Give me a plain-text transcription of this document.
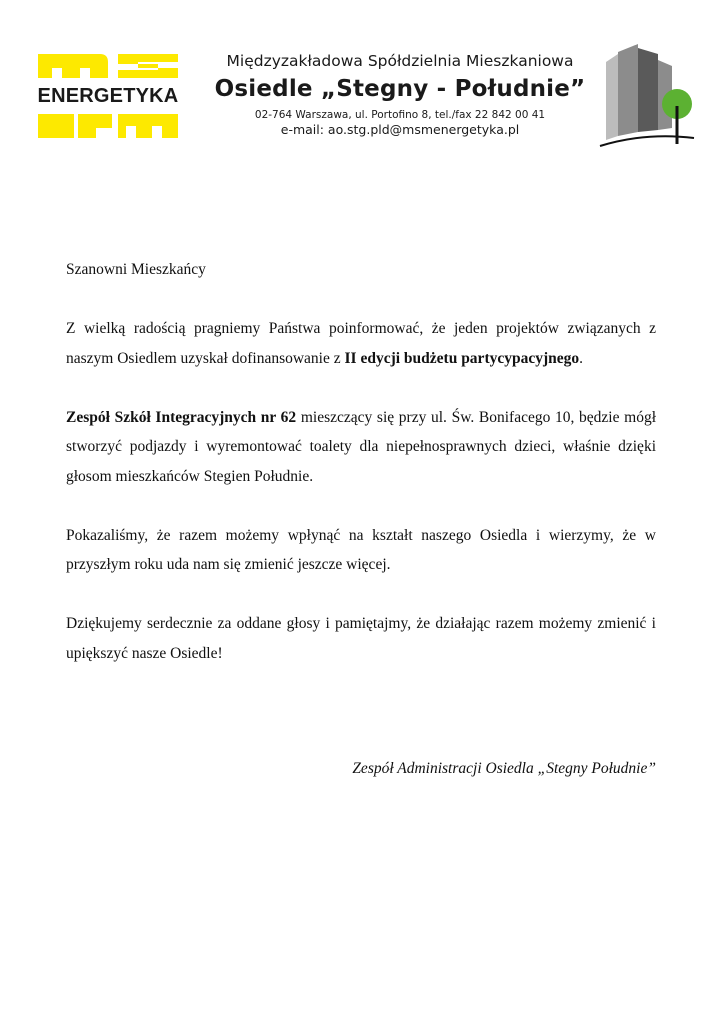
ENERGETYKA
Międzyzakładowa Spółdzielnia Mieszkaniowa
Osiedle „Stegny - Południe”
02-764 Warszawa, ul. Portofino 8, tel./fax 22 842 00 41
e-mail: ao.stg.pld@msmenergetyka.pl

Szanowni Mieszkańcy

Z wielką radością pragniemy Państwa poinformować, że jeden projektów związanych z naszym Osiedlem uzyskał dofinansowanie z II edycji budżetu partycypacyjnego.

Zespół Szkół Integracyjnych nr 62 mieszczący się przy ul. Św. Bonifacego 10, będzie mógł stworzyć podjazdy i wyremontować toalety dla niepełnosprawnych dzieci, właśnie dzięki głosom mieszkańców Stegien Południe.

Pokazaliśmy, że razem możemy wpłynąć na kształt naszego Osiedla i wierzymy, że w przyszłym roku uda nam się zmienić jeszcze więcej.

Dziękujemy serdecznie za oddane głosy i pamiętajmy, że działając razem możemy zmienić i upiększyć nasze Osiedle!

Zespół Administracji Osiedla „Stegny Południe”
